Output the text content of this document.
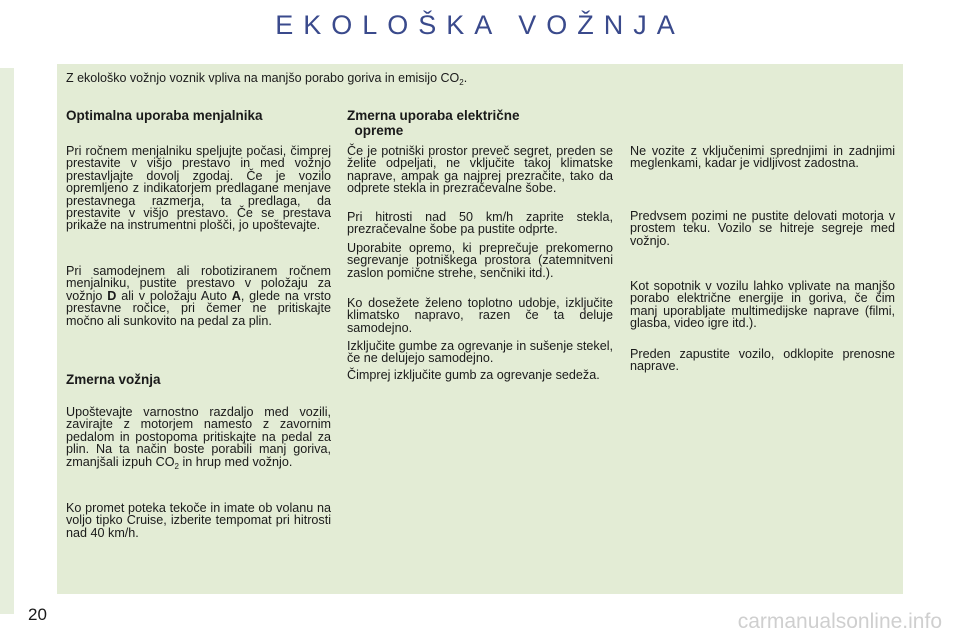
EKOLOŠKA VOŽNJA
Z ekološko vožnjo voznik vpliva na manjšo porabo goriva in emisijo $CO_2$.
Optimalna uporaba menjalnika

Pri ročnem menjalniku speljujte počasi, čimprej prestavite v višjo prestavo in med vožnjo prestavljajte dovolj zgodaj. Če je vozilo opremljeno z indikatorjem predlagane menjave prestavnega razmerja, ta predlaga, da prestavite v višjo prestavo. Če se prestava prikaže na instrumentni plošči, jo upoštevajte.

Pri samodejnem ali robotiziranem ročnem menjalniku, pustite prestavo v položaju za vožnjo D ali v položaju Auto A, glede na vrsto prestavne ročice, pri čemer ne pritiskajte močno ali sunkovito na pedal za plin.

Zmerna vožnja

Upoštevajte varnostno razdaljo med vozili, zavirajte z motorjem namesto z zavornim pedalom in postopoma pritiskajte na pedal za plin. Na ta način boste porabili manj goriva, zmanjšali izpuh $CO_2$ in hrup med vožnjo.

Ko promet poteka tekoče in imate ob volanu na voljo tipko Cruise, izberite tempomat pri hitrosti nad 40 km/h.

Zmerna uporaba električne
opreme

Če je potniški prostor preveč segret, preden se želite odpeljati, ne vključite takoj klimatske naprave, ampak ga najprej prezračite, tako da odprete stekla in prezračevalne šobe.

Pri hitrosti nad 50 km/h zaprite stekla, prezračevalne šobe pa pustite odprte.

Uporabite opremo, ki preprečuje prekomerno segrevanje potniškega prostora (zatemnitveni zaslon pomične strehe, senčniki itd.).

Ko dosežete želeno toplotno udobje, izključite klimatsko napravo, razen če ta deluje samodejno.

Izključite gumbe za ogrevanje in sušenje stekel, če ne delujejo samodejno.

Čimprej izključite gumb za ogrevanje sedeža.

Ne vozite z vključenimi sprednjimi in zadnjimi meglenkami, kadar je vidljivost zadostna.

Predvsem pozimi ne pustite delovati motorja v prostem teku. Vozilo se hitreje segreje med vožnjo.

Kot sopotnik v vozilu lahko vplivate na manjšo porabo električne energije in goriva, če čim manj uporabljate multimedijske naprave (filmi, glasba, video igre itd.).

Preden zapustite vozilo, odklopite prenosne naprave.

20	carmanualsonline.info
